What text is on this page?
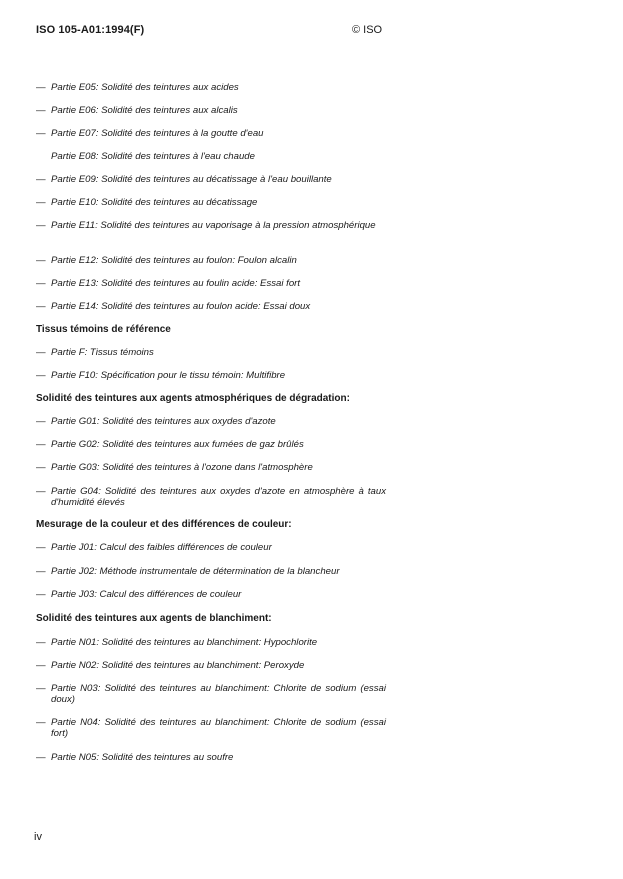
ISO 105-A01:1994(F)	© ISO
— Partie E05: Solidité des teintures aux acides
— Partie E06: Solidité des teintures aux alcalis
— Partie E07: Solidité des teintures à la goutte d'eau
Partie E08: Solidité des teintures à l'eau chaude
— Partie E09: Solidité des teintures au décatissage à l'eau bouillante
— Partie E10: Solidité des teintures au décatissage
— Partie E11: Solidité des teintures au vaporisage à la pression atmosphérique
— Partie E12: Solidité des teintures au foulon: Foulon alcalin
— Partie E13: Solidité des teintures au foulin acide: Essai fort
— Partie E14: Solidité des teintures au foulon acide: Essai doux
Tissus témoins de référence
— Partie F: Tissus témoins
— Partie F10: Spécification pour le tissu témoin: Multifibre
Solidité des teintures aux agents atmosphériques de dégradation:
— Partie G01: Solidité des teintures aux oxydes d'azote
— Partie G02: Solidité des teintures aux fumées de gaz brûlés
— Partie G03: Solidité des teintures à l'ozone dans l'atmosphère
— Partie G04: Solidité des teintures aux oxydes d'azote en atmosphère à taux d'humidité élevés
Mesurage de la couleur et des différences de couleur:
— Partie J01: Calcul des faibles différences de couleur
— Partie J02: Méthode instrumentale de détermination de la blancheur
— Partie J03: Calcul des différences de couleur
Solidité des teintures aux agents de blanchiment:
— Partie N01: Solidité des teintures au blanchiment: Hypochlorite
— Partie N02: Solidité des teintures au blanchiment: Peroxyde
— Partie N03: Solidité des teintures au blanchiment: Chlorite de sodium (essai doux)
— Partie N04: Solidité des teintures au blanchiment: Chlorite de sodium (essai fort)
— Partie N05: Solidité des teintures au soufre
iv
